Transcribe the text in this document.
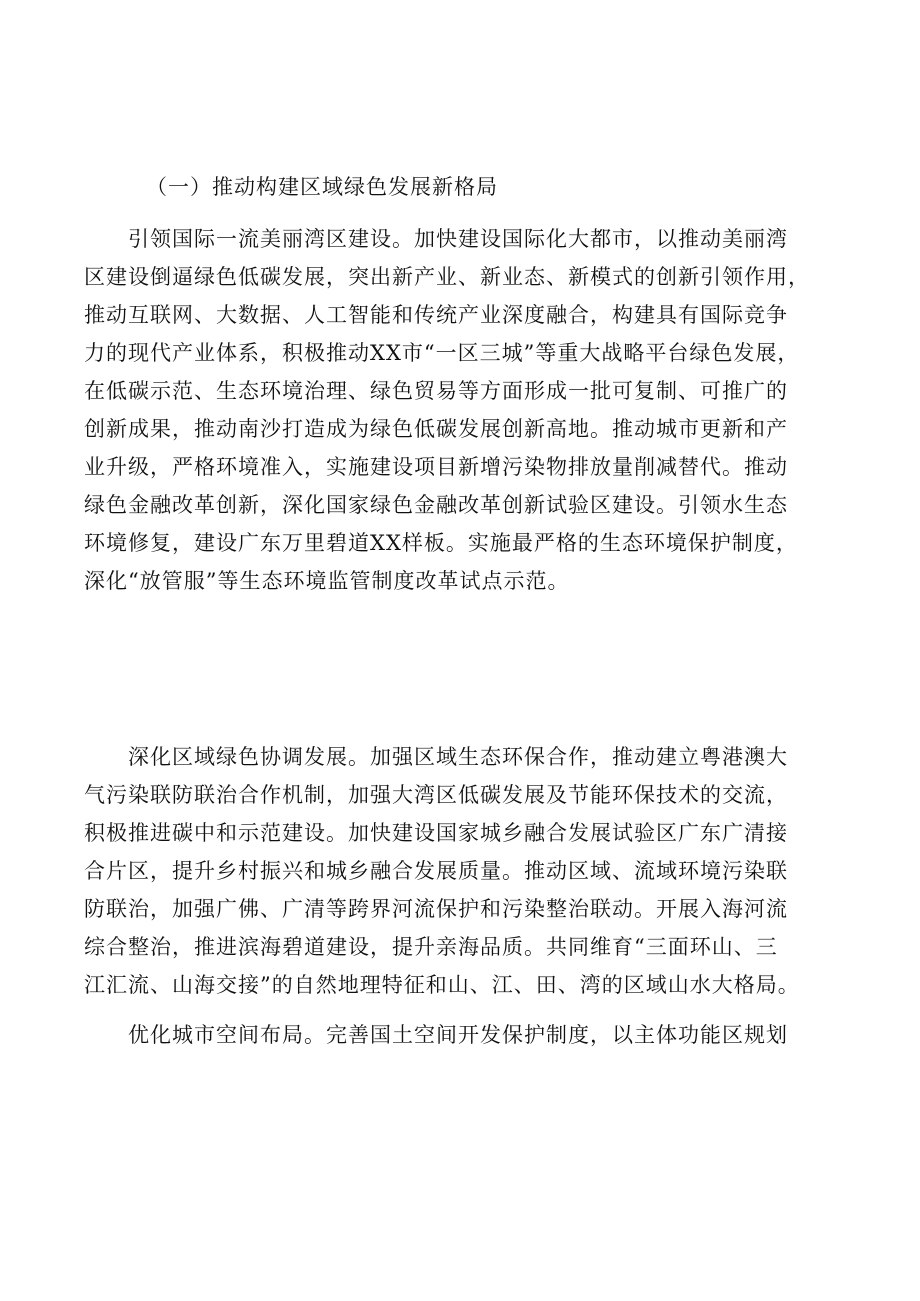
（一）推动构建区域绿色发展新格局
引领国际一流美丽湾区建设。加快建设国际化大都市，以推动美丽湾
区建设倒逼绿色低碳发展，突出新产业、新业态、新模式的创新引领作用，
推动互联网、大数据、人工智能和传统产业深度融合，构建具有国际竞争
力的现代产业体系，积极推动XX市“一区三城”等重大战略平台绿色发展，
在低碳示范、生态环境治理、绿色贸易等方面形成一批可复制、可推广的
创新成果，推动南沙打造成为绿色低碳发展创新高地。推动城市更新和产
业升级，严格环境准入，实施建设项目新增污染物排放量削减替代。推动
绿色金融改革创新，深化国家绿色金融改革创新试验区建设。引领水生态
环境修复，建设广东万里碧道XX样板。实施最严格的生态环境保护制度，
深化“放管服”等生态环境监管制度改革试点示范。
深化区域绿色协调发展。加强区域生态环保合作，推动建立粤港澳大
气污染联防联治合作机制，加强大湾区低碳发展及节能环保技术的交流，
积极推进碳中和示范建设。加快建设国家城乡融合发展试验区广东广清接
合片区，提升乡村振兴和城乡融合发展质量。推动区域、流域环境污染联
防联治，加强广佛、广清等跨界河流保护和污染整治联动。开展入海河流
综合整治，推进滨海碧道建设，提升亲海品质。共同维育“三面环山、三
江汇流、山海交接”的自然地理特征和山、江、田、湾的区域山水大格局。
优化城市空间布局。完善国土空间开发保护制度，以主体功能区规划
